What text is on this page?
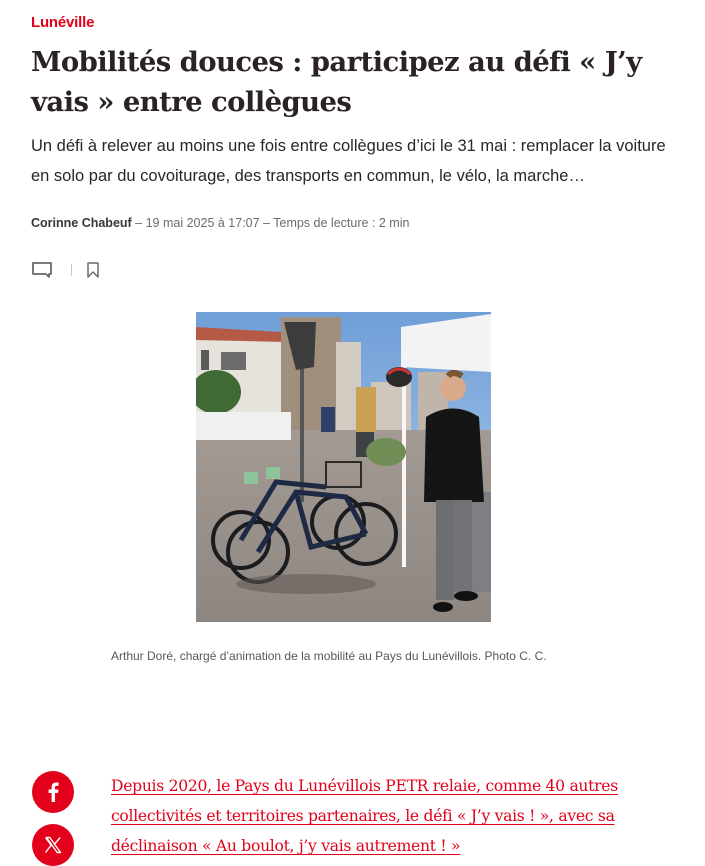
Lunéville
Mobilités douces : participez au défi « J’y vais » entre collègues

Un défi à relever au moins une fois entre collègues d’ici le 31 mai : remplacer la voiture en solo par du covoiturage, des transports en commun, le vélo, la marche…

Corinne Chabeuf – 19 mai 2025 à 17:07 – Temps de lecture : 2 min
Arthur Doré, chargé d’animation de la mobilité au Pays du Lunévillois. Photo C. C.
Depuis 2020, le Pays du Lunévillois PETR relaie, comme 40 autres collectivités et territoires partenaires, le défi « J’y vais ! », avec sa déclinaison « Au boulot, j’y vais autrement ! »
